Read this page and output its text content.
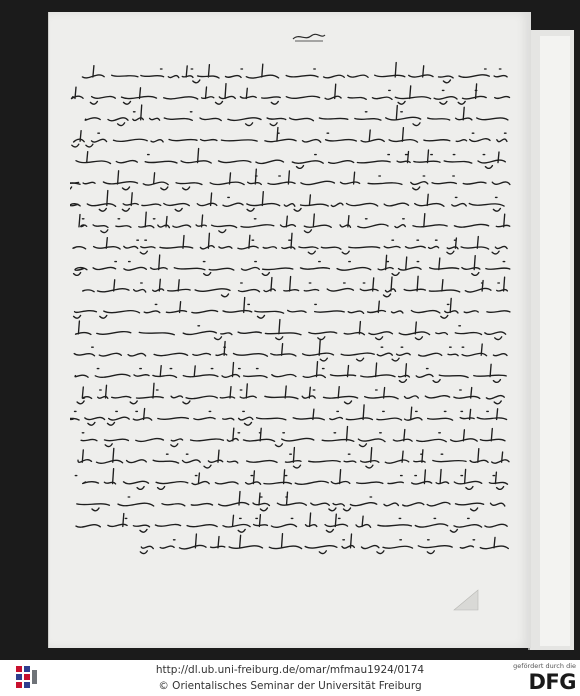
http://dl.ub.uni-freiburg.de/omar/mfmau1924/0174
© Orientalisches Seminar der Universität Freiburg
gefördert durch die
DFG
